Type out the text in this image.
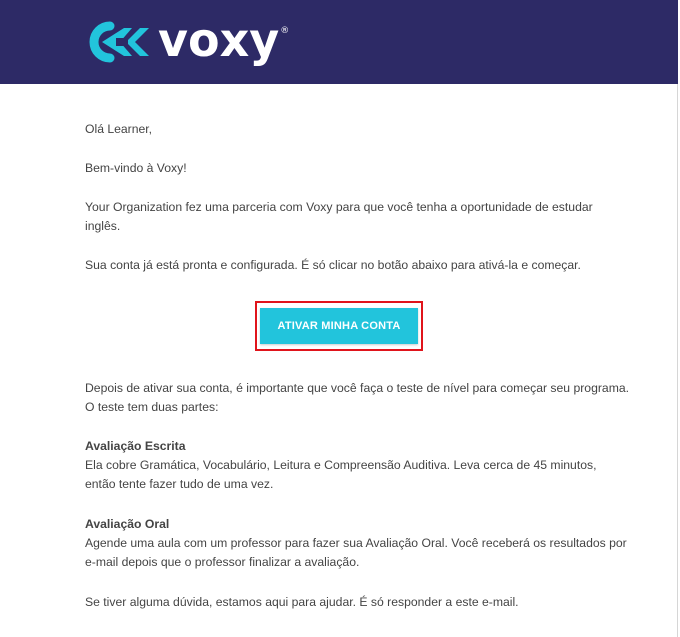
voxy ®

Olá Learner,

Bem-vindo à Voxy!

Your Organization fez uma parceria com Voxy para que você tenha a oportunidade de estudar
inglês.

Sua conta já está pronta e configurada. É só clicar no botão abaixo para ativá-la e começar.

Depois de ativar sua conta, é importante que você faça o teste de nível para começar seu programa.
O teste tem duas partes:

Avaliação Escrita
Ela cobre Gramática, Vocabulário, Leitura e Compreensão Auditiva. Leva cerca de 45 minutos,
então tente fazer tudo de uma vez.

Avaliação Oral
Agende uma aula com um professor para fazer sua Avaliação Oral. Você receberá os resultados por
e-mail depois que o professor finalizar a avaliação.

Se tiver alguma dúvida, estamos aqui para ajudar. É só responder a este e-mail.

ATIVAR MINHA CONTA
